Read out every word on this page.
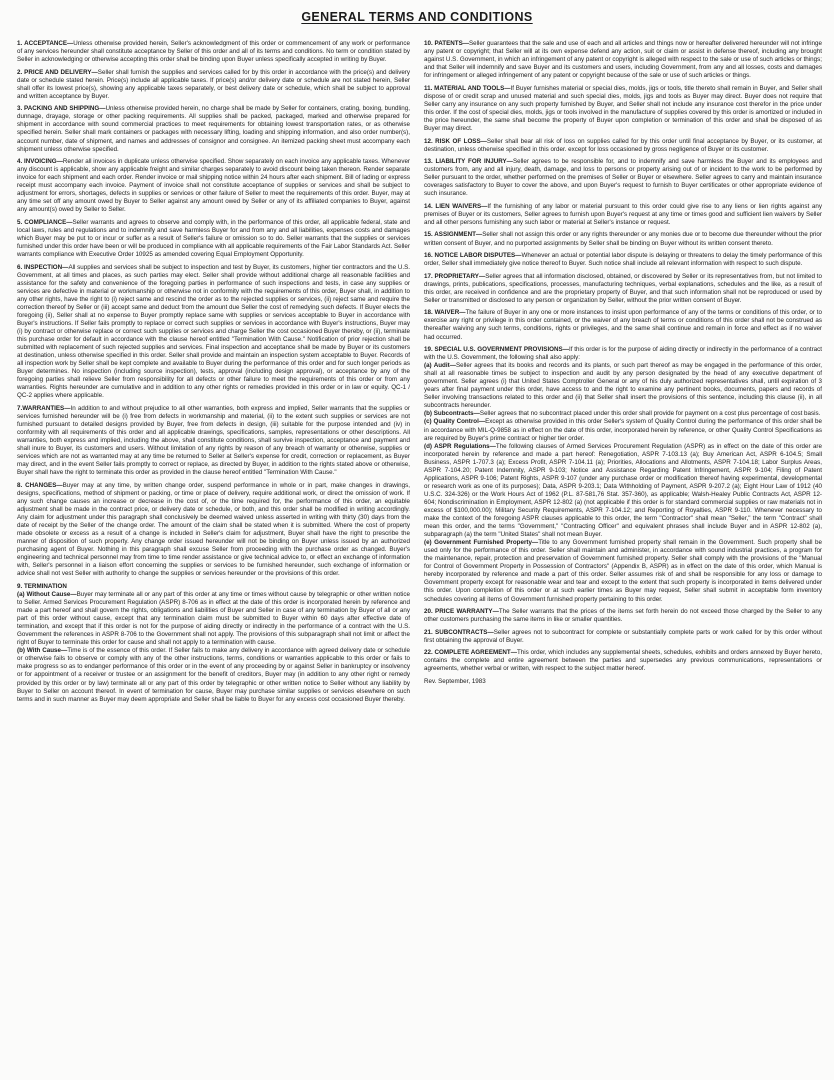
GENERAL TERMS AND CONDITIONS

1. ACCEPTANCE—Unless otherwise provided herein, Seller's acknowledgment of this order or commencement of any work or performance of any services hereunder shall constitute acceptance by Seller of this order and all of its terms and conditions. No term or condition stated by Seller in acknowledging or otherwise accepting this order shall be binding upon Buyer unless specifically accepted in writing by Buyer.

2. PRICE AND DELIVERY—Seller shall furnish the supplies and services called for by this order in accordance with the price(s) and delivery date or schedule stated herein. Price(s) include all applicable taxes. If price(s) and/or delivery date or schedule are not stated herein, Seller shall offer its lowest price(s), showing any applicable taxes separately, or best delivery date or schedule, which shall be subject to approval and written acceptance by Buyer.

3. PACKING AND SHIPPING—Unless otherwise provided herein, no charge shall be made by Seller for containers, crating, boxing, bundling, dunnage, drayage, storage or other packing requirements. All supplies shall be packed, packaged, marked and otherwise prepared for shipment in accordance with sound commercial practices to meet requirements for obtaining lowest transportation rates, or as otherwise specified herein. Seller shall mark containers or packages with necessary lifting, loading and shipping information, and also order number(s), account number, date of shipment, and names and addresses of consignor and consignee. An itemized packing sheet must accompany each shipment unless otherwise specified.

4. INVOICING—Render all invoices in duplicate unless otherwise specified. Show separately on each invoice any applicable taxes. Whenever any discount is applicable, show any applicable freight and similar charges separately to avoid discount being taken thereon. Render separate invoice for each shipment and each order. Render invoice or mail shipping notice within 24 hours after each shipment. Bill of lading or express receipt must accompany each invoice. Payment of invoice shall not constitute acceptance of supplies or services and shall be subject to adjustment for errors, shortages, defects in supplies or services or other failure of Seller to meet the requirements of this order. Buyer, may at any time set off any amount owed by Buyer to Seller against any amount owed by Seller or any of its affiliated companies to Buyer, against any amount(s) owed by Seller to Seller.

5. COMPLIANCE—Seller warrants and agrees to observe and comply with, in the performance of this order, all applicable federal, state and local laws, rules and regulations and to indemnify and save harmless Buyer for and from any and all liabilities, expenses costs and damages which Buyer may be put to or incur or suffer as a result of Seller's failure or omission so to do. Seller warrants that the supplies or services furnished under this order have been or will be produced in compliance with all applicable requirements of the Fair Labor Standards Act. Seller warrants compliance with Executive Order 10925 as amended covering Equal Employment Opportunity.

6. INSPECTION—All supplies and services shall be subject to inspection and test by Buyer, its customers, higher tier contractors and the U.S. Government, at all times and places, as such parties may elect. Seller shall provide without additional charge all reasonable facilities and assistance for the safety and convenience of the foregoing parties in performance of such inspections and tests, in case any supplies or services are defective in material or workmanship or otherwise not in conformity with the requirements of this order, Buyer shall, in addition to any other rights, have the right to (i) reject same and rescind the order as to the rejected supplies or services, (ii) reject same and require the correction thereof by Seller or (iii) accept same and deduct from the amount due Seller the cost of remedying such defects. If Buyer elects the foregoing (ii), Seller shall at no expense to Buyer promptly replace same with supplies or services acceptable to Buyer in accordance with Buyer's instructions. If Seller fails promptly to replace or correct such supplies or services in accordance with Buyer's instructions, Buyer may (i) by contract or otherwise replace or correct such supplies or services and charge Seller the cost occasioned Buyer thereby, or (ii), terminate this purchase order for default in accordance with the clause hereof entitled "Termination With Cause." Notification of prior rejection shall be submitted with replacement of such rejected supplies and services. Final inspection and acceptance shall be made by Buyer or its customers at destination, unless otherwise specified in this order. Seller shall provide and maintain an inspection system acceptable to Buyer. Records of all inspection work by Seller shall be kept complete and available to Buyer during the performance of this order and for such longer periods as Buyer determines. No inspection (including source inspection), tests, approval (including design approval), or acceptance by any of the foregoing parties shall relieve Seller from responsibility for all defects or other failure to meet the requirements of this order or from any warranties. Rights hereunder are cumulative and in addition to any other rights or remedies provided in this order or in law or equity. QC-1 / QC-2 applies where applicable.

7.WARRANTIES—In addition to and without prejudice to all other warranties, both express and implied, Seller warrants that the supplies or services furnished hereunder will be (i) free from defects in workmanship and material, (ii) to the extent such supplies or services are not furnished pursuant to detailed designs provided by Buyer, free from defects in design, (iii) suitable for the purpose intended and (iv) in conformity with all requirements of this order and all applicable drawings, specifications, samples, representations or other descriptions. All warranties, both express and implied, including the above, shall constitute conditions, shall survive inspection, acceptance and payment and shall inure to Buyer, its customers and users. Without limitation of any rights by reason of any breach of warranty or otherwise, supplies or services which are not as warranted may at any time be returned to Seller at Seller's expense for credit, correction or replacement, as Buyer may direct, and in the event Seller fails promptly to correct or replace, as directed by Buyer, in addition to the rights stated above or otherwise, Buyer shall have the right to terminate this order as provided in the clause hereof entitled "Termination With Cause."

8. CHANGES—Buyer may at any time, by written change order, suspend performance in whole or in part, make changes in drawings, designs, specifications, method of shipment or packing, or time or place of delivery, require additional work, or direct the omission of work. If any such change causes an increase or decrease in the cost of, or the time required for, the performance of this order, an equitable adjustment shall be made in the contract price, or delivery date or schedule, or both, and this order shall be modified in writing accordingly. Any claim for adjustment under this paragraph shall conclusively be deemed waived unless asserted in writing with thirty (30) days from the date of receipt by the Seller of the change order. The amount of the claim shall be stated when it is submitted. Where the cost of property made obsolete or excess as a result of a change is included in Seller's claim for adjustment, Buyer shall have the right to prescribe the manner of disposition of such property. Any change order issued hereunder will not be binding on Buyer unless issued by an authorized purchasing agent of Buyer. Nothing in this paragraph shall excuse Seller from proceeding with the purchase order as changed. Buyer's engineering and technical personnel may from time to time render assistance or give technical advice to, or effect an exchange of information with, Seller's personnel in a liaison effort concerning the supplies or services to be furnished hereunder, such exchange of information or advice shall not vest Seller with authority to change the supplies or services hereunder or the provisions of this order.

9. TERMINATION

(a) Without Cause—Buyer may terminate all or any part of this order at any time or times without cause by telegraphic or other written notice to Seller. Armed Services Procurement Regulation (ASPR) 8-706 as in effect at the date of this order is incorporated herein by reference and made a part hereof and shall govern the rights, obligations and liabilities of Buyer and Seller in case of any termination by Buyer of all or any part of this order without cause, except that any termination claim must be submitted to Buyer within 60 days after effective date of termination, and except that if this order is not for the purpose of aiding directly or indirectly in the performance of a contract with the U.S. Government the references in ASPR 8-706 to the Government shall not apply. The provisions of this subparagraph shall not limit or affect the right of Buyer to terminate this order for cause and shall not apply to a termination with cause.

(b) With Cause—Time is of the essence of this order. If Seller fails to make any delivery in accordance with agreed delivery date or schedule or otherwise fails to observe or comply with any of the other instructions, terms, conditions or warranties applicable to this order or fails to make progress so as to endanger performance of this order or in the event of any proceeding by or against Seller in bankruptcy or insolvency or for appointment of a receiver or trustee or an assignment for the benefit of creditors, Buyer may (in addition to any other right or remedy provided by this order or by law) terminate all or any part of this order by telegraphic or other written notice to Seller without any liability by Buyer to Seller on account thereof. In event of termination for cause, Buyer may purchase similar supplies or services elsewhere on such terms and in such manner as Buyer may deem appropriate and Seller shall be liable to Buyer for any excess cost occasioned Buyer thereby.

10. PATENTS—Seller guarantees that the sale and use of each and all articles and things now or hereafter delivered hereunder will not infringe any patent or copyright; that Seller will at its own expense defend any action, suit or claim or assist in defense thereof, including any brought against U.S. Government, in which an infringement of any patent or copyright is alleged with respect to the sale or use of such articles or things; and that Seller will indemnify and save Buyer and its customers and users, including Government, from any and all losses, costs and damages for infringement or alleged infringement of any patent or copyright because of the sale or use of such articles or things.

11. MATERIAL AND TOOLS—If Buyer furnishes material or special dies, molds, jigs or tools, title thereto shall remain in Buyer, and Seller shall dispose of or credit scrap and unused material and such special dies, molds, jigs and tools as Buyer may direct. Buyer does not require that Seller carry any insurance on any such property furnished by Buyer, and Seller shall not include any insurance cost therefor in the price under this order. If the cost of special dies, molds, jigs or tools involved in the manufacture of supplies covered by this order is amortized or included in the price hereunder, the same shall become the property of Buyer upon completion or termination of this order and shall be disposed of as Buyer may direct.

12. RISK OF LOSS—Seller shall bear all risk of loss on supplies called for by this order until final acceptance by Buyer, or its customer, at destination, unless otherwise specified in this order. except for loss occasioned by gross negligence of Buyer or its customer.

13. LIABILITY FOR INJURY—Seller agrees to be responsible for, and to indemnify and save harmless the Buyer and its employees and customers from, any and all injury, death, damage, and loss to persons or property arising out of or incident to the work to be performed by Seller pursuant to the order, whether performed on the premises of Seller or Buyer or elsewhere. Seller agrees to carry and maintain insurance coverages satisfactory to Buyer to cover the above, and upon Buyer's request to furnish to Buyer certificates or other appropriate evidence of such insurance.

14. LIEN WAIVERS—If the furnishing of any labor or material pursuant to this order could give rise to any liens or lien rights against any premises of Buyer or its customers, Seller agrees to furnish upon Buyer's request at any time or times good and sufficient lien waivers by Seller and all other persons furnishing any such labor or material at Seller's instance or request.

15. ASSIGNMENT—Seller shall not assign this order or any rights thereunder or any monies due or to become due thereunder without the prior written consent of Buyer, and no purported assignments by Seller shall be binding on Buyer without its written consent thereto.

16. NOTICE LABOR DISPUTES—Whenever an actual or potential labor dispute is delaying or threatens to delay the timely performance of this order, Seller shall immediately give notice thereof to Buyer. Such notice shall include all relevant information with respect to such dispute.

17. PROPRIETARY—Seller agrees that all information disclosed, obtained, or discovered by Seller or its representatives from, but not limited to drawings, prints, publications, specifications, processes, manufacturing techniques, verbal explanations, schedules and the like, as a result of this order, are received in confidence and are the proprietary property of Buyer, and that such information shall not be reproduced or used by Seller or transmitted or disclosed to any person or organization by Seller, without the prior written consent of Buyer.

18. WAIVER—The failure of Buyer in any one or more instances to insist upon performance of any of the terms or conditions of this order, or to exercise any right or privilege in this order contained, or the waiver of any breach of terms or conditions of this order shall not be construed as thereafter waiving any such terms, conditions, rights or privileges, and the same shall continue and remain in force and effect as if no waiver had occurred.

19. SPECIAL U.S. GOVERNMENT PROVISIONS—If this order is for the purpose of aiding directly or indirectly in the performance of a contract with the U.S. Government, the following shall also apply:

(a) Audit—Seller agrees that its books and records and its plants, or such part thereof as may be engaged in the performance of this order, shall at all reasonable times be subject to inspection and audit by any person designated by the head of any executive department of government. Seller agrees (i) that United States Comptroller General or any of his duly authorized representatives shall, until expiration of 3 years after final payment under this order, have access to and the right to examine any pertinent books, documents, papers and records of Seller involving transactions related to this order and (ii) that Seller shall insert the provisions of this sentence, including this clause (ii), in all subcontracts hereunder.

(b) Subcontracts—Seller agrees that no subcontract placed under this order shall provide for payment on a cost plus percentage of cost basis.

(c) Quality Control—Except as otherwise provided in this order Seller's system of Quality Control during the performance of this order shall be in accordance with MIL-Q-9858 as in effect on the date of this order, incorporated herein by reference, or other Quality Control Specifications as are required by Buyer's prime contract or higher tier order.

(d) ASPR Regulations—The following clauses of Armed Services Procurement Regulation (ASPR) as in effect on the date of this order are incorporated herein by reference and made a part hereof: Renegotiation, ASPR 7-103.13 (a); Buy American Act, ASPR 6-104.5; Small Business, ASPR 1-707.3 (a); Excess Profit, ASPR 7-104.11 (a); Priorities, Allocations and Allotments, ASPR 7-104.18; Labor Surplus Areas, ASPR 7-104.20; Patent Indemnity, ASPR 9-103; Notice and Assistance Regarding Patent Infringement, ASPR 9-104; Filing of Patent Applications, ASPR 9-106; Patent Rights, ASPR 9-107 (under any purchase order or modification thereof having experimental, developmental or research work as one of its purposes); Data, ASPR 9-203.1; Data Withholding of Payment, ASPR 9-207.2 (a); Eight Hour Law of 1912 (40 U.S.C. 324-326) or the Work Hours Act of 1962 (P.L. 87-581,76 Stat. 357-360), as applicable; Walsh-Healey Public Contracts Act, ASPR 12-604; Nondiscrimination in Employment, ASPR 12-802 (a) (not applicable if this order is for standard commercial supplies or raw materials not in excess of $100,000.00); Military Security Requirements, ASPR 7-104.12; and Reporting of Royalties, ASPR 9-110. Whenever necessary to make the context of the foregoing ASPR clauses applicable to this order, the term "Contractor" shall mean "Seller," the term "Contract" shall mean this order, and the terms "Government," "Contracting Officer" and equivalent phrases shall include Buyer and in ASPR 12-802 (a), subparagraph (a) the term "United States" shall not mean Buyer.

(e) Government Furnished Property—Title to any Government furnished property shall remain in the Government. Such property shall be used only for the performance of this order. Seller shall maintain and administer, in accordance with sound industrial practices, a program for the maintenance, repair, protection and preservation of Government furnished property. Seller shall comply with the provisions of the "Manual for Control of Government Property in Possession of Contractors" (Appendix B, ASPR) as in effect on the date of this order, which Manual is hereby incorporated by reference and made a part of this order. Seller assumes risk of and shall be responsible for any loss or damage to Government property except for reasonable wear and tear and except to the extent that such property is incorporated in items delivered under this order. Upon completion of this order or at such earlier times as Buyer may request, Seller shall submit in acceptable form inventory schedules covering all items of Government furnished property pertaining to this order.

20. PRICE WARRANTY—The Seller warrants that the prices of the items set forth herein do not exceed those charged by the Seller to any other customers purchasing the same items in like or smaller quantities.

21. SUBCONTRACTS—Seller agrees not to subcontract for complete or substantially complete parts or work called for by this order without first obtaining the approval of Buyer.

22. COMPLETE AGREEMENT—This order, which includes any supplemental sheets, schedules, exhibits and orders annexed by Buyer hereto, contains the complete and entire agreement between the parties and supersedes any previous communications, representations or agreements, whether verbal or written, with respect to the subject matter hereof.

Rev. September, 1983
